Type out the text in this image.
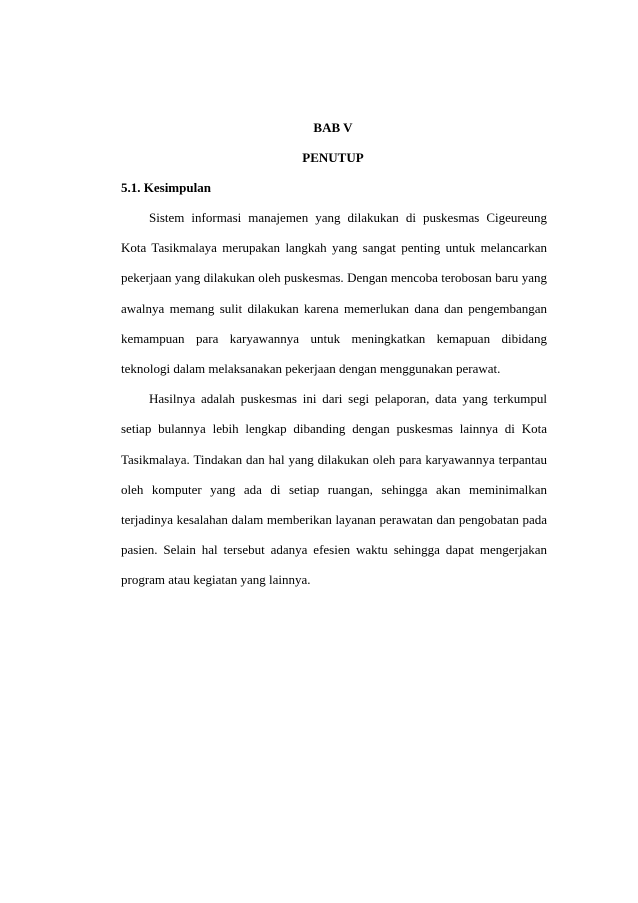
BAB V
PENUTUP
5.1. Kesimpulan

Sistem informasi manajemen yang dilakukan di puskesmas Cigeureung Kota Tasikmalaya merupakan langkah yang sangat penting untuk melancarkan pekerjaan yang dilakukan oleh puskesmas. Dengan mencoba terobosan baru yang awalnya memang sulit dilakukan karena memerlukan dana dan pengembangan kemampuan para karyawannya untuk meningkatkan kemapuan dibidang teknologi dalam melaksanakan pekerjaan dengan menggunakan perawat.

Hasilnya adalah puskesmas ini dari segi pelaporan, data yang terkumpul setiap bulannya lebih lengkap dibanding dengan puskesmas lainnya di Kota Tasikmalaya. Tindakan dan hal yang dilakukan oleh para karyawannya terpantau oleh komputer yang ada di setiap ruangan, sehingga akan meminimalkan terjadinya kesalahan dalam memberikan layanan perawatan dan pengobatan pada pasien. Selain hal tersebut adanya efesien waktu sehingga dapat mengerjakan program atau kegiatan yang lainnya.
